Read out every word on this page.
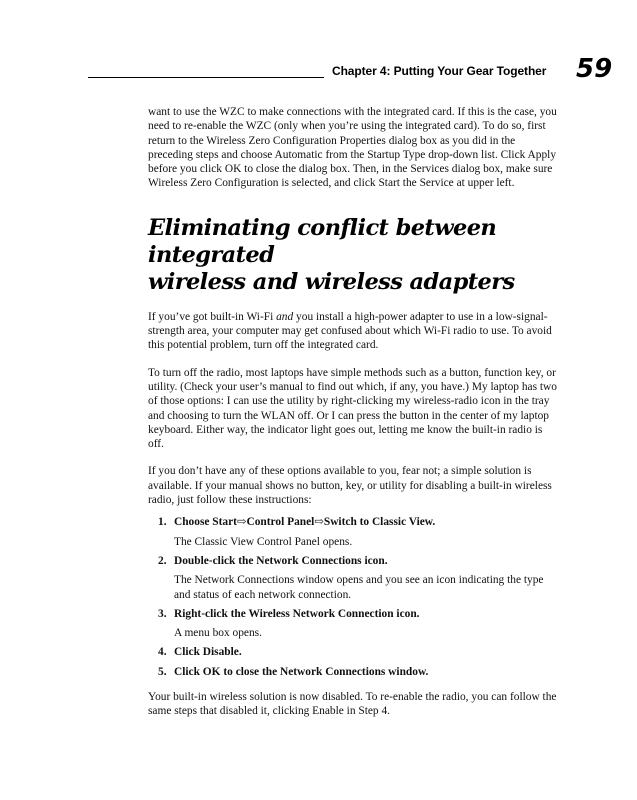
Chapter 4: Putting Your Gear Together 59

want to use the WZC to make connections with the integrated card. If this is the case, you need to re-enable the WZC (only when you’re using the integrated card). To do so, first return to the Wireless Zero Configuration Properties dialog box as you did in the preceding steps and choose Automatic from the Startup Type drop-down list. Click Apply before you click OK to close the dialog box. Then, in the Services dialog box, make sure Wireless Zero Configuration is selected, and click Start the Service at upper left.

Eliminating conflict between integrated
wireless and wireless adapters

If you’ve got built-in Wi-Fi and you install a high-power adapter to use in a low-signal-strength area, your computer may get confused about which Wi-Fi radio to use. To avoid this potential problem, turn off the integrated card.

To turn off the radio, most laptops have simple methods such as a button, function key, or utility. (Check your user’s manual to find out which, if any, you have.) My laptop has two of those options: I can use the utility by right-clicking my wireless-radio icon in the tray and choosing to turn the WLAN off. Or I can press the button in the center of my laptop keyboard. Either way, the indicator light goes out, letting me know the built-in radio is off.

If you don’t have any of these options available to you, fear not; a simple solution is available. If your manual shows no button, key, or utility for disabling a built-in wireless radio, just follow these instructions:

1. Choose Start⇨Control Panel⇨Switch to Classic View.

The Classic View Control Panel opens.

2. Double-click the Network Connections icon.

The Network Connections window opens and you see an icon indicating the type and status of each network connection.

3. Right-click the Wireless Network Connection icon.

A menu box opens.

4. Click Disable.
5. Click OK to close the Network Connections window.

Your built-in wireless solution is now disabled. To re-enable the radio, you can follow the same steps that disabled it, clicking Enable in Step 4.
